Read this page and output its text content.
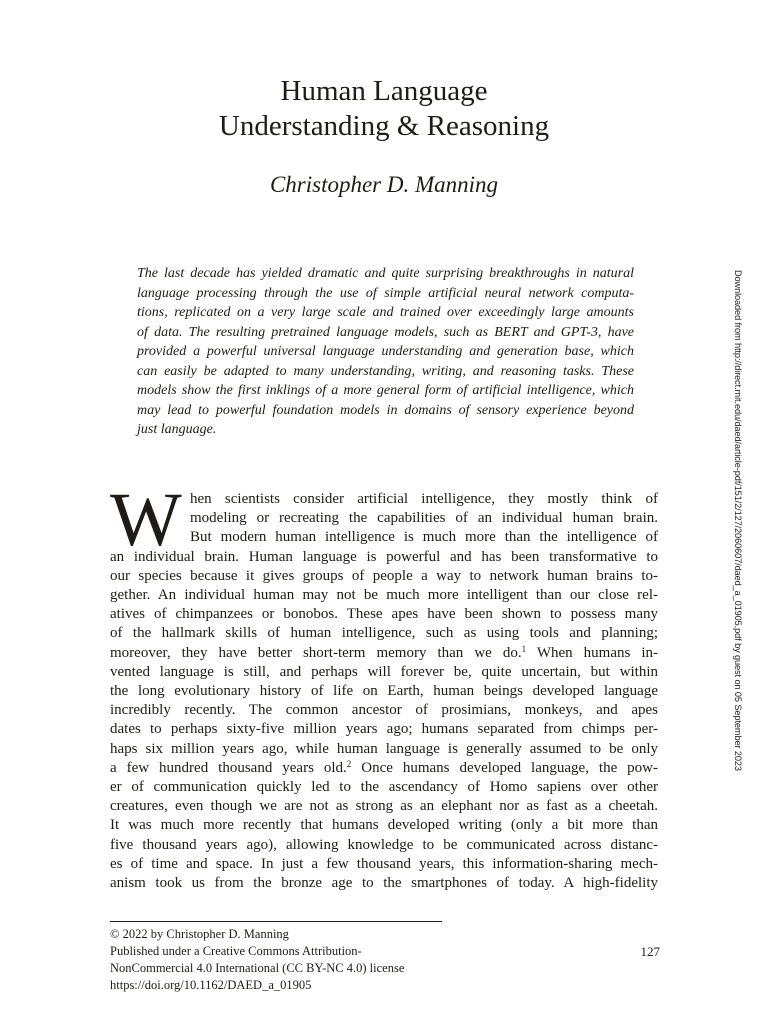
Human Language
Understanding & Reasoning
Christopher D. Manning
The last decade has yielded dramatic and quite surprising breakthroughs in natural
language processing through the use of simple artificial neural network computa-
tions, replicated on a very large scale and trained over exceedingly large amounts
of data. The resulting pretrained language models, such as BERT and GPT-3, have
provided a powerful universal language understanding and generation base, which
can easily be adapted to many understanding, writing, and reasoning tasks. These
models show the first inklings of a more general form of artificial intelligence, which
may lead to powerful foundation models in domains of sensory experience beyond
just language.
W hen scientists consider artificial intelligence, they mostly think of
modeling or recreating the capabilities of an individual human brain.
But modern human intelligence is much more than the intelligence of
an individual brain. Human language is powerful and has been transformative to
our species because it gives groups of people a way to network human brains to-
gether. An individual human may not be much more intelligent than our close rel-
atives of chimpanzees or bonobos. These apes have been shown to possess many
of the hallmark skills of human intelligence, such as using tools and planning;
moreover, they have better short-term memory than we do.$^1$ When humans in-
vented language is still, and perhaps will forever be, quite uncertain, but within
the long evolutionary history of life on Earth, human beings developed language
incredibly recently. The common ancestor of prosimians, monkeys, and apes
dates to perhaps sixty-five million years ago; humans separated from chimps per-
haps six million years ago, while human language is generally assumed to be only
a few hundred thousand years old.$^2$ Once humans developed language, the pow-
er of communication quickly led to the ascendancy of Homo sapiens over other
creatures, even though we are not as strong as an elephant nor as fast as a cheetah.
It was much more recently that humans developed writing (only a bit more than
five thousand years ago), allowing knowledge to be communicated across distanc-
es of time and space. In just a few thousand years, this information-sharing mech-
anism took us from the bronze age to the smartphones of today. A high-fidelity
© 2022 by Christopher D. Manning
Published under a Creative Commons Attribution-
NonCommercial 4.0 International (CC BY-NC 4.0) license
https://doi.org/10.1162/DAED_a_01905
127
Downloaded from http://direct.mit.edu/daed/article-pdf/151/2/127/2060607/daed_a_01905.pdf by guest on 05 September 2023
